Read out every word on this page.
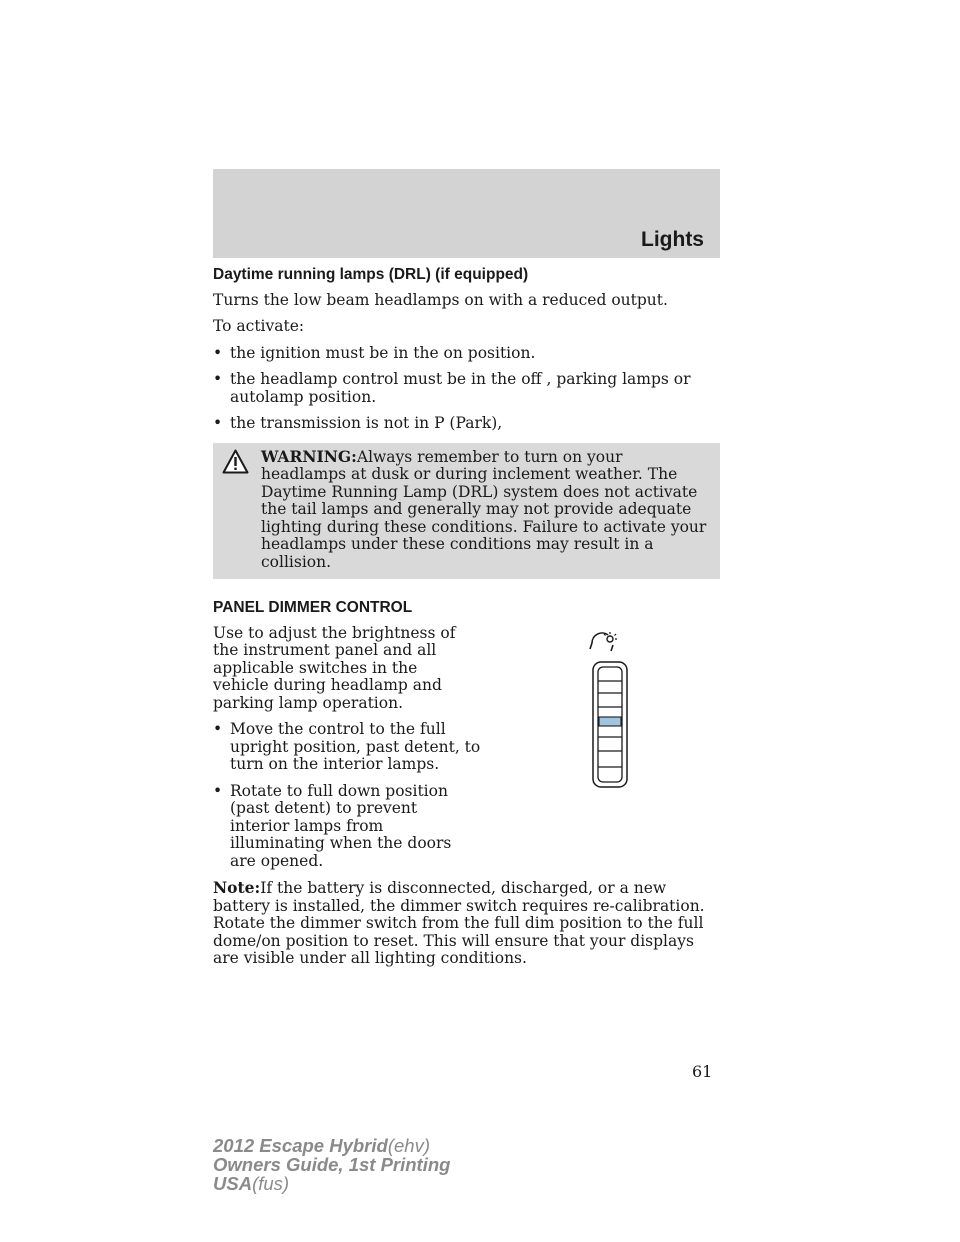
Lights
Daytime running lamps (DRL) (if equipped)

Turns the low beam headlamps on with a reduced output.

To activate:

• the ignition must be in the on position.
• the headlamp control must be in the off , parking lamps or autolamp position.
• the transmission is not in P (Park),
WARNING:Always remember to turn on your headlamps at dusk or during inclement weather. The Daytime Running Lamp (DRL) system does not activate the tail lamps and generally may not provide adequate lighting during these conditions. Failure to activate your headlamps under these conditions may result in a collision.
PANEL DIMMER CONTROL

Use to adjust the brightness of the instrument panel and all applicable switches in the vehicle during headlamp and parking lamp operation.

• Move the control to the full upright position, past detent, to turn on the interior lamps.
• Rotate to full down position (past detent) to prevent interior lamps from illuminating when the doors are opened.

Note:If the battery is disconnected, discharged, or a new battery is installed, the dimmer switch requires re-calibration. Rotate the dimmer switch from the full dim position to the full dome/on position to reset. This will ensure that your displays are visible under all lighting conditions.

61
2012 Escape Hybrid(ehv)
Owners Guide, 1st Printing
USA(fus)
